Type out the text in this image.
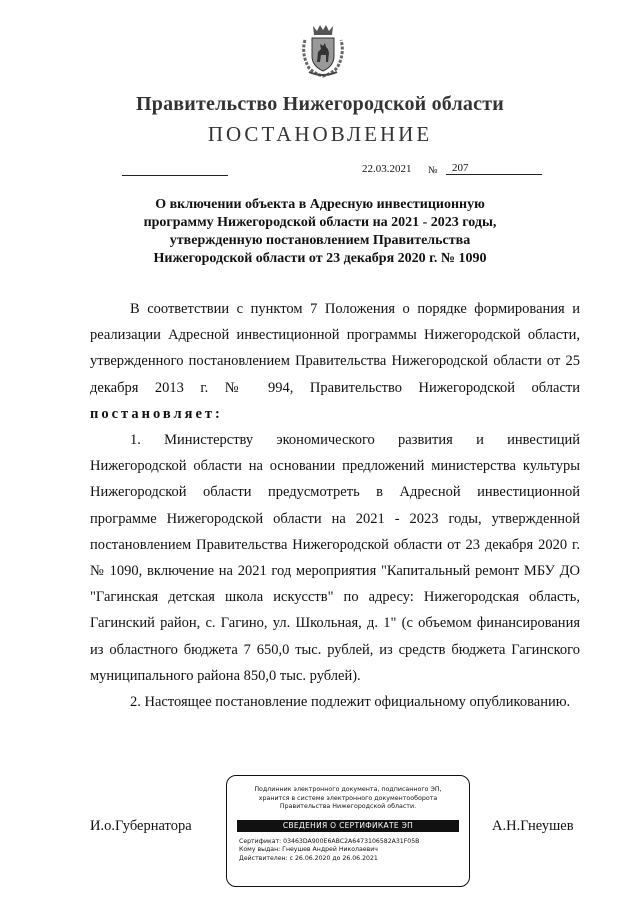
Правительство Нижегородской области
ПОСТАНОВЛЕНИЕ
22.03.2021 №	207
О включении объекта в Адресную инвестиционную
программу Нижегородской области на 2021 - 2023 годы,
утвержденную постановлением Правительства
Нижегородской области от 23 декабря 2020 г. № 1090

В соответствии с пунктом 7 Положения о порядке формирования и реализации Адресной инвестиционной программы Нижегородской области, утвержденного постановлением Правительства Нижегородской области от 25 декабря 2013 г. № 994, Правительство Нижегородской области постановляет:

1. Министерству экономического развития и инвестиций Нижегородской области на основании предложений министерства культуры Нижегородской области предусмотреть в Адресной инвестиционной программе Нижегородской области на 2021 - 2023 годы, утвержденной постановлением Правительства Нижегородской области от 23 декабря 2020 г. № 1090, включение на 2021 год мероприятия "Капитальный ремонт МБУ ДО "Гагинская детская школа искусств" по адресу: Нижегородская область, Гагинский район, с. Гагино, ул. Школьная, д. 1" (с объемом финансирования из областного бюджета 7 650,0 тыс. рублей, из средств бюджета Гагинского муниципального района 850,0 тыс. рублей).

2. Настоящее постановление подлежит официальному опубликованию.

И.о.Губернатора	А.Н.Гнеушев
Подлинник электронного документа, подписанного ЭП,
хранится в системе электронного документооборота
Правительства Нижегородской области.
СВЕДЕНИЯ О СЕРТИФИКАТЕ ЭП
Сертификат: 03463DA900E6ABC2A6473106582A31F05B
Кому выдан: Гнеушев Андрей Николаевич
Действителен: с 26.06.2020 до 26.06.2021
